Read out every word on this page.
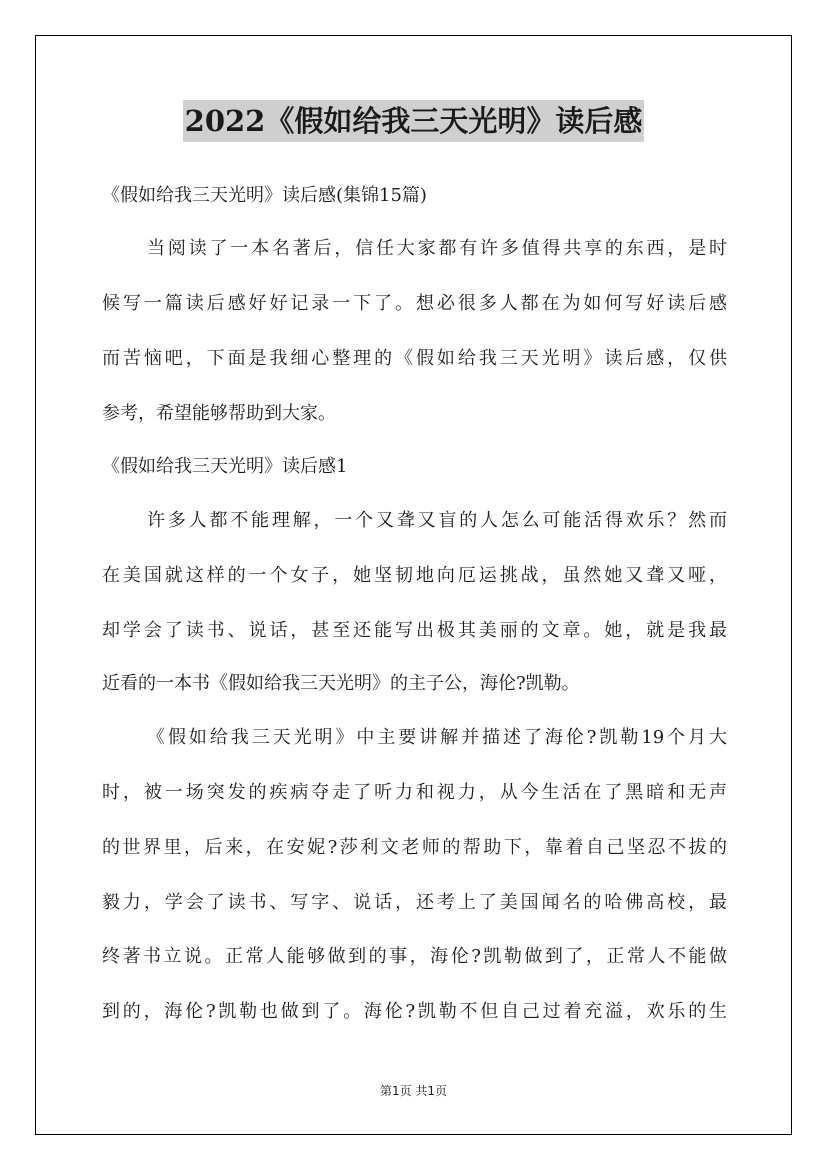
2022《假如给我三天光明》读后感
《假如给我三天光明》读后感(集锦15篇)
当阅读了一本名著后，信任大家都有许多值得共享的东西，是时
候写一篇读后感好好记录一下了。想必很多人都在为如何写好读后感
而苦恼吧，下面是我细心整理的《假如给我三天光明》读后感，仅供
参考，希望能够帮助到大家。
《假如给我三天光明》读后感1
许多人都不能理解，一个又聋又盲的人怎么可能活得欢乐？然而
在美国就这样的一个女子，她坚韧地向厄运挑战，虽然她又聋又哑，
却学会了读书、说话，甚至还能写出极其美丽的文章。她，就是我最
近看的一本书《假如给我三天光明》的主子公，海伦?凯勒。
《假如给我三天光明》中主要讲解并描述了海伦?凯勒19个月大
时，被一场突发的疾病夺走了听力和视力，从今生活在了黑暗和无声
的世界里，后来，在安妮?莎利文老师的帮助下，靠着自己坚忍不拔的
毅力，学会了读书、写字、说话，还考上了美国闻名的哈佛高校，最
终著书立说。正常人能够做到的事，海伦?凯勒做到了，正常人不能做
到的，海伦?凯勒也做到了。海伦?凯勒不但自己过着充溢，欢乐的生
第1页 共1页
